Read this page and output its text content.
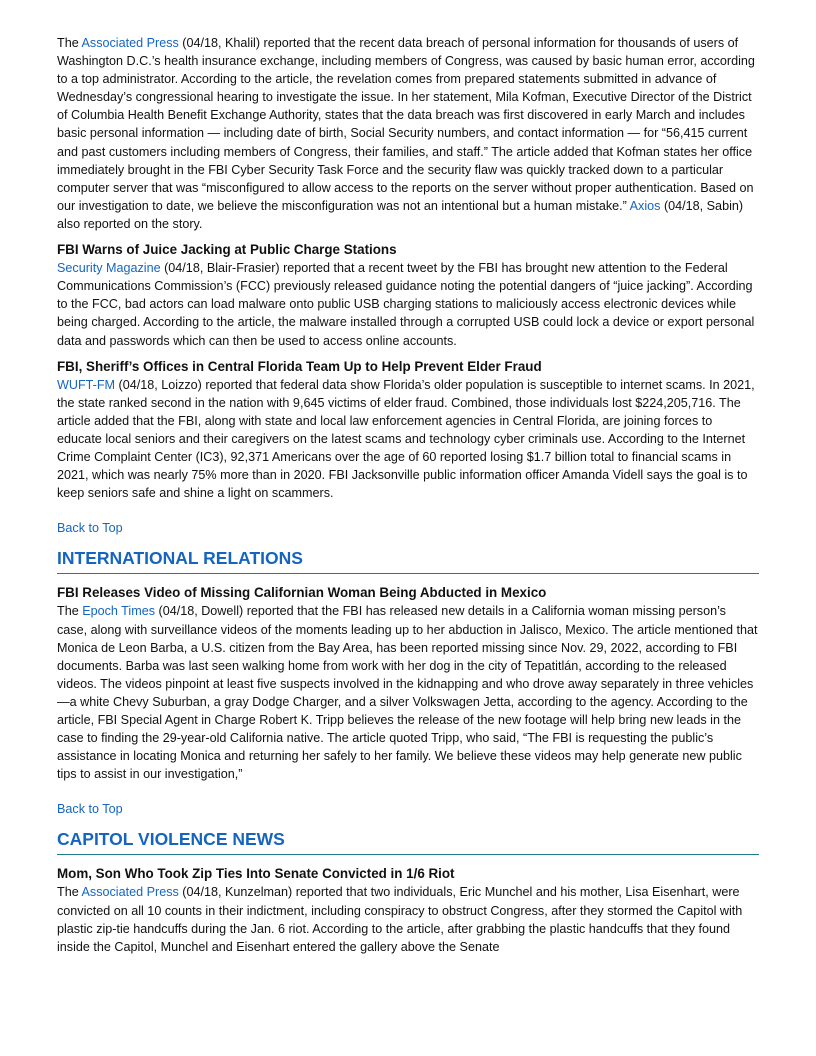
The Associated Press (04/18, Khalil) reported that the recent data breach of personal information for thousands of users of Washington D.C.’s health insurance exchange, including members of Congress, was caused by basic human error, according to a top administrator. According to the article, the revelation comes from prepared statements submitted in advance of Wednesday’s congressional hearing to investigate the issue. In her statement, Mila Kofman, Executive Director of the District of Columbia Health Benefit Exchange Authority, states that the data breach was first discovered in early March and includes basic personal information — including date of birth, Social Security numbers, and contact information — for “56,415 current and past customers including members of Congress, their families, and staff.” The article added that Kofman states her office immediately brought in the FBI Cyber Security Task Force and the security flaw was quickly tracked down to a particular computer server that was “misconfigured to allow access to the reports on the server without proper authentication. Based on our investigation to date, we believe the misconfiguration was not an intentional but a human mistake.” Axios (04/18, Sabin) also reported on the story.

FBI Warns of Juice Jacking at Public Charge Stations

Security Magazine (04/18, Blair-Frasier) reported that a recent tweet by the FBI has brought new attention to the Federal Communications Commission’s (FCC) previously released guidance noting the potential dangers of “juice jacking”. According to the FCC, bad actors can load malware onto public USB charging stations to maliciously access electronic devices while being charged. According to the article, the malware installed through a corrupted USB could lock a device or export personal data and passwords which can then be used to access online accounts.

FBI, Sheriff’s Offices in Central Florida Team Up to Help Prevent Elder Fraud

WUFT-FM (04/18, Loizzo) reported that federal data show Florida’s older population is susceptible to internet scams. In 2021, the state ranked second in the nation with 9,645 victims of elder fraud. Combined, those individuals lost $224,205,716. The article added that the FBI, along with state and local law enforcement agencies in Central Florida, are joining forces to educate local seniors and their caregivers on the latest scams and technology cyber criminals use. According to the Internet Crime Complaint Center (IC3), 92,371 Americans over the age of 60 reported losing $1.7 billion total to financial scams in 2021, which was nearly 75% more than in 2020. FBI Jacksonville public information officer Amanda Videll says the goal is to keep seniors safe and shine a light on scammers.

Back to Top
INTERNATIONAL RELATIONS
FBI Releases Video of Missing Californian Woman Being Abducted in Mexico

The Epoch Times (04/18, Dowell) reported that the FBI has released new details in a California woman missing person’s case, along with surveillance videos of the moments leading up to her abduction in Jalisco, Mexico. The article mentioned that Monica de Leon Barba, a U.S. citizen from the Bay Area, has been reported missing since Nov. 29, 2022, according to FBI documents. Barba was last seen walking home from work with her dog in the city of Tepatitlán, according to the released videos. The videos pinpoint at least five suspects involved in the kidnapping and who drove away separately in three vehicles—a white Chevy Suburban, a gray Dodge Charger, and a silver Volkswagen Jetta, according to the agency. According to the article, FBI Special Agent in Charge Robert K. Tripp believes the release of the new footage will help bring new leads in the case to finding the 29-year-old California native. The article quoted Tripp, who said, “The FBI is requesting the public’s assistance in locating Monica and returning her safely to her family. We believe these videos may help generate new public tips to assist in our investigation,”

Back to Top
CAPITOL VIOLENCE NEWS
Mom, Son Who Took Zip Ties Into Senate Convicted in 1/6 Riot

The Associated Press (04/18, Kunzelman) reported that two individuals, Eric Munchel and his mother, Lisa Eisenhart, were convicted on all 10 counts in their indictment, including conspiracy to obstruct Congress, after they stormed the Capitol with plastic zip-tie handcuffs during the Jan. 6 riot. According to the article, after grabbing the plastic handcuffs that they found inside the Capitol, Munchel and Eisenhart entered the gallery above the Senate
